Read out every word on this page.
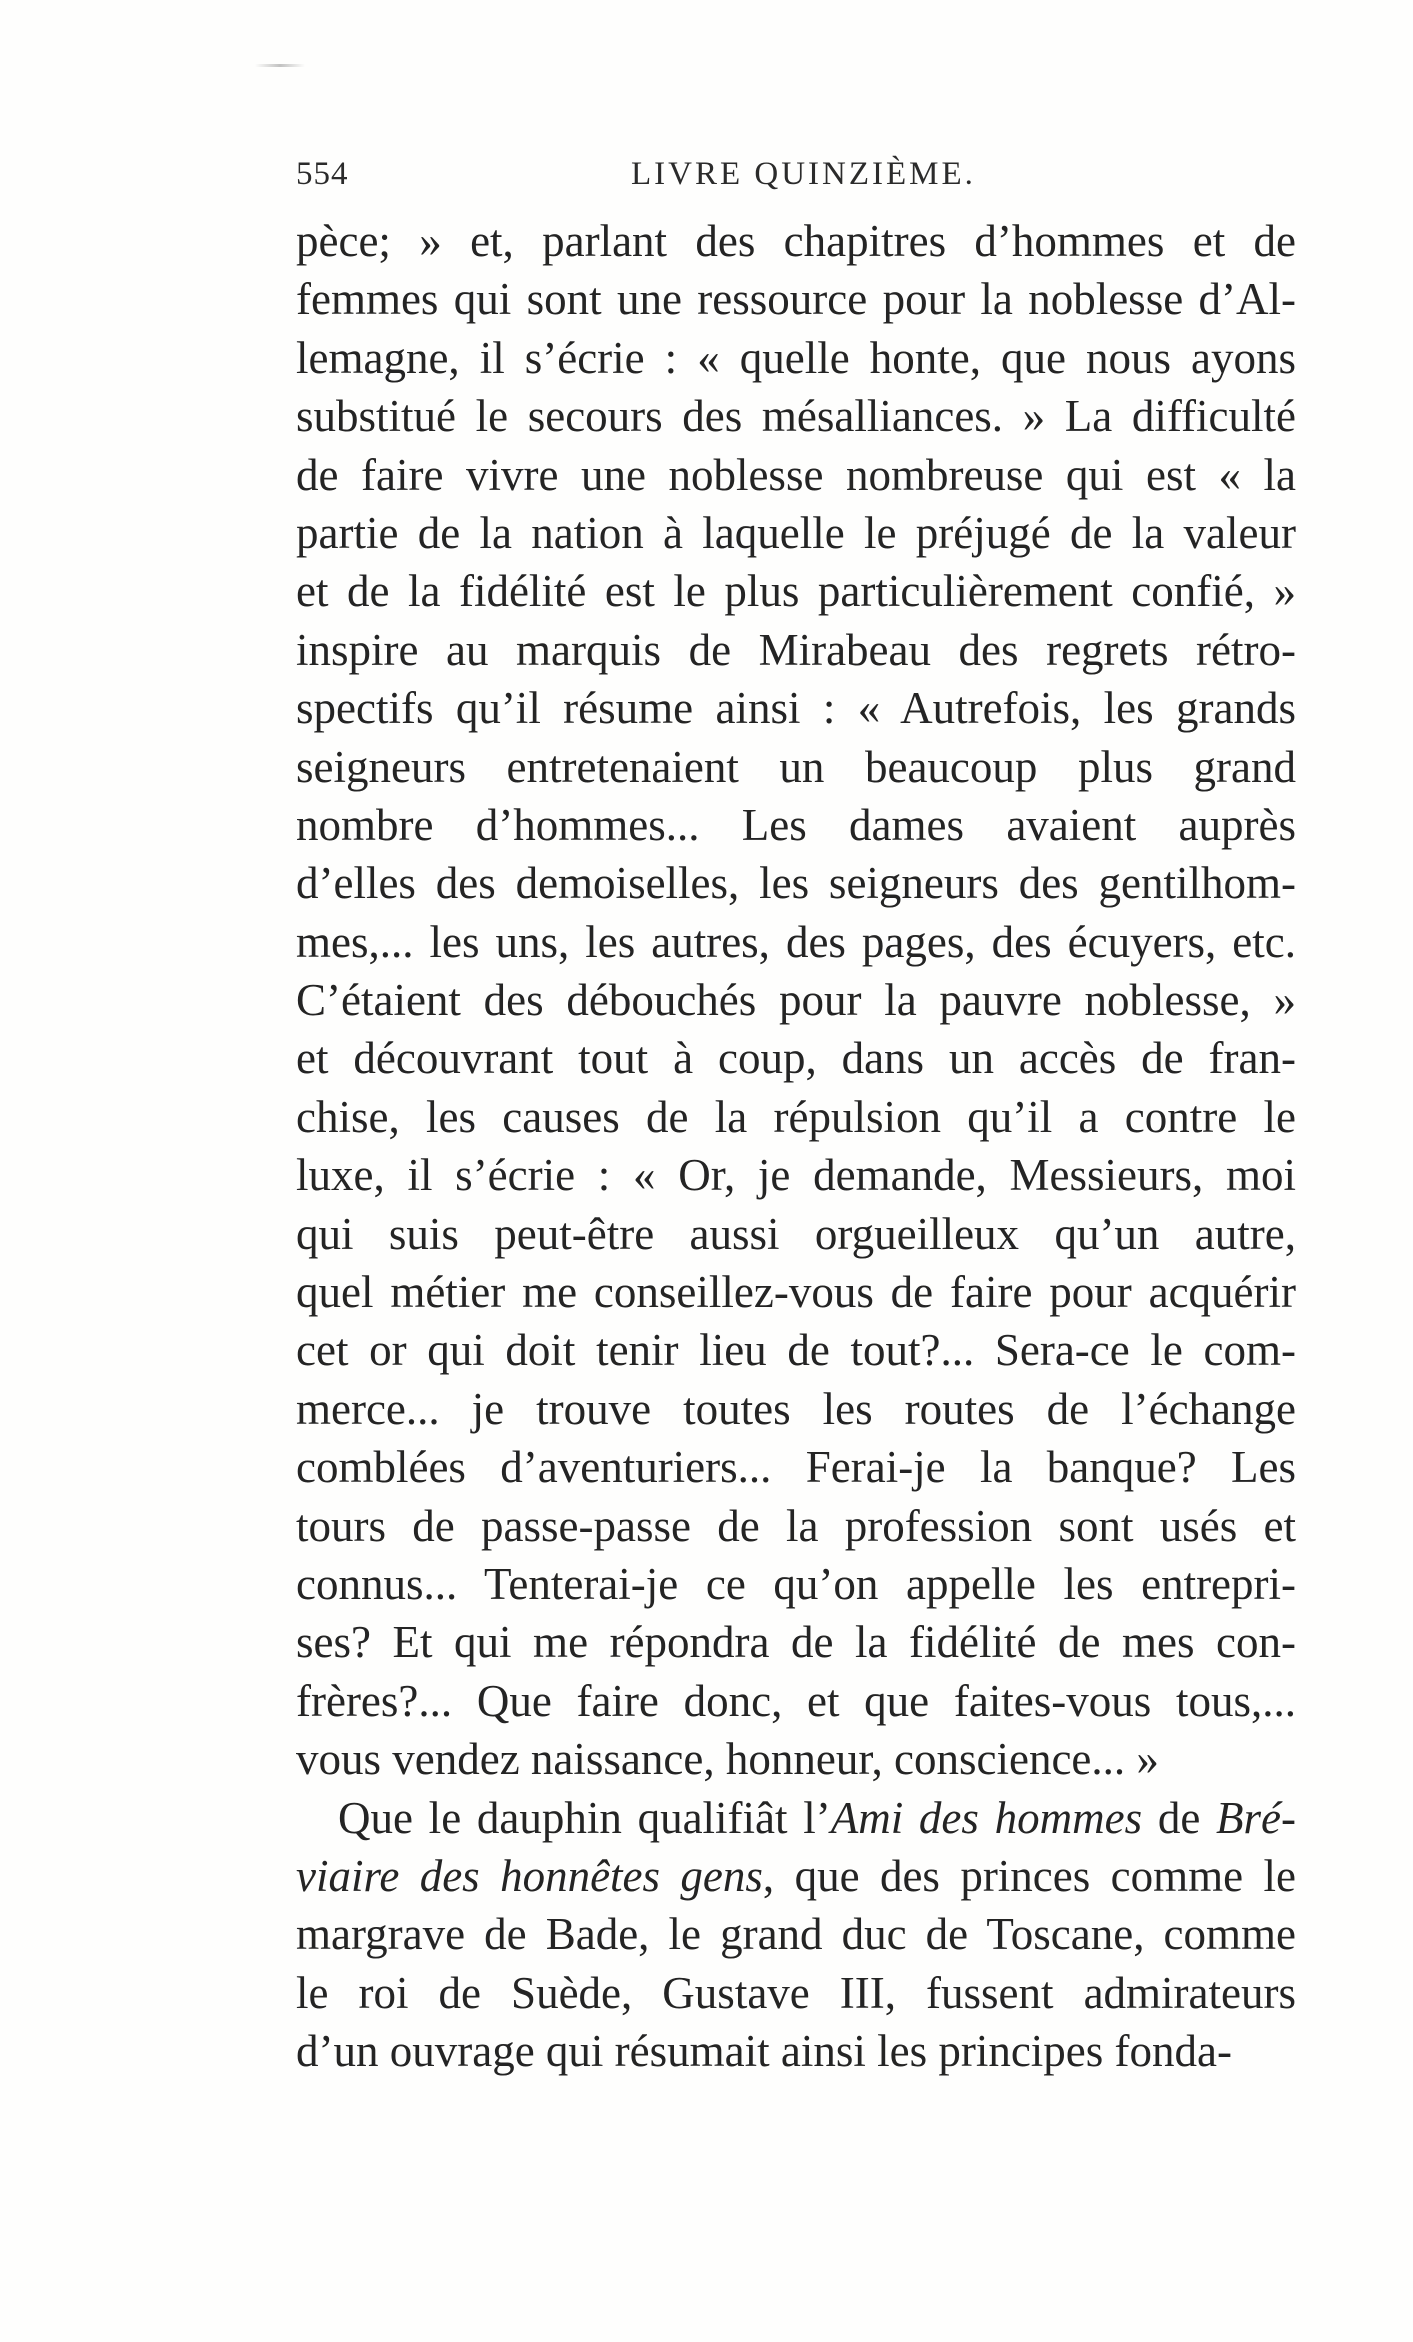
554	LIVRE QUINZIÈME.
pèce; » et, parlant des chapitres d’hommes et de
femmes qui sont une ressource pour la noblesse d’Al-
lemagne, il s’écrie : « quelle honte, que nous ayons
substitué le secours des mésalliances. » La difficulté
de faire vivre une noblesse nombreuse qui est « la
partie de la nation à laquelle le préjugé de la valeur
et de la fidélité est le plus particulièrement confié, »
inspire au marquis de Mirabeau des regrets rétro-
spectifs qu’il résume ainsi : « Autrefois, les grands
seigneurs entretenaient un beaucoup plus grand
nombre d’hommes... Les dames avaient auprès
d’elles des demoiselles, les seigneurs des gentilhom-
mes,... les uns, les autres, des pages, des écuyers, etc.
C’étaient des débouchés pour la pauvre noblesse, »
et découvrant tout à coup, dans un accès de fran-
chise, les causes de la répulsion qu’il a contre le
luxe, il s’écrie : « Or, je demande, Messieurs, moi
qui suis peut-être aussi orgueilleux qu’un autre,
quel métier me conseillez-vous de faire pour acquérir
cet or qui doit tenir lieu de tout?... Sera-ce le com-
merce... je trouve toutes les routes de l’échange
comblées d’aventuriers... Ferai-je la banque? Les
tours de passe-passe de la profession sont usés et
connus... Tenterai-je ce qu’on appelle les entrepri-
ses? Et qui me répondra de la fidélité de mes con-
frères?... Que faire donc, et que faites-vous tous,...
vous vendez naissance, honneur, conscience... »
Que le dauphin qualifiât l’Ami des hommes de Bré-
viaire des honnêtes gens, que des princes comme le
margrave de Bade, le grand duc de Toscane, comme
le roi de Suède, Gustave III, fussent admirateurs
d’un ouvrage qui résumait ainsi les principes fonda-
